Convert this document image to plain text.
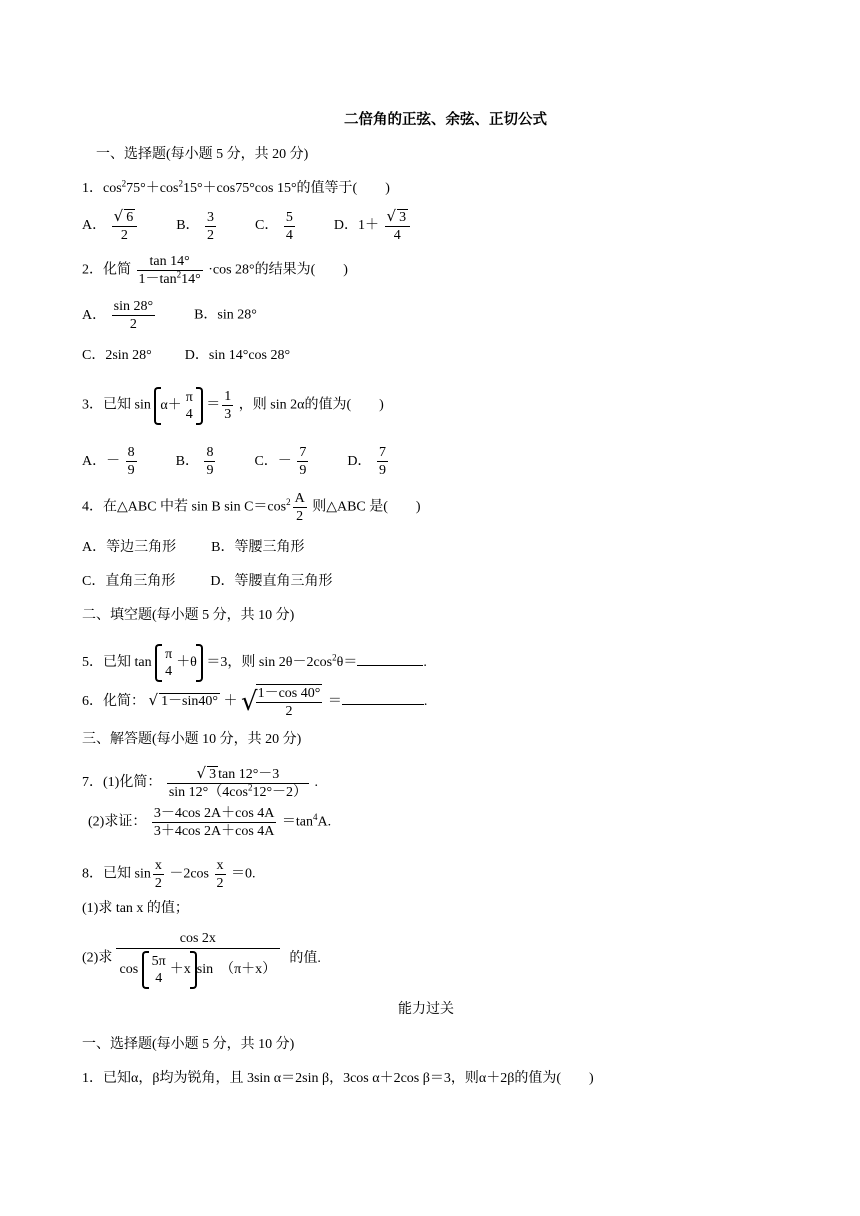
二倍角的正弦、余弦、正切公式
一、选择题(每小题 5 分，共 20 分)
1．$\cos^275^\circ+\cos^215^\circ+\cos 75^\circ\cos$ 15°的值等于(　　)
A． $\frac{√ 6}{2}$	B． $\frac{3}{2}$	C． $\frac{5}{4}$	D．$1+ \frac{√ 3}{4}$
2．化简 $\frac{\tan 14^\circ}{1-\tan^214^\circ} \cdot\cos$ 28°的结果为(　　)
A． $\frac{\sin 28^\circ}{2}$	B．sin 28°
C．2sin 28° D．sin 14°cos 28°
3．已知 sin α＋
π
4
＝ $\frac{1}{3}$ ，则 sin 2α的值为(　　)
A．－ $\frac{8}{9}$	B． $\frac{8}{9}$	C．－ $\frac{7}{9}$	D． $\frac{7}{9}$
4．在△ABC 中若 sin B $\sin C=\cos^2 \frac{A}{2}$ 则△ABC 是(　　)
A．等边三角形	B．等腰三角形
C．直角三角形	D．等腰直角三角形
二、填空题(每小题 5 分，共 10 分)
5．已知 tan
π
4
＋θ ＝3，则 $\sin 2\theta-2\cos^2\theta=$	.
6．化简： √ 1－sin40° ＋ √
$\frac{1-\cos 40^\circ}{2}$ ＝	.
三、解答题(每小题 10 分，共 20 分)
7．(1)化简： $\frac{√ 3 \tan 12^\circ-3}{\sin 12^\circ(4\cos^212^\circ-2)}$ .
(2)求证： $\frac{3-4\cos 2A+\cos 4A}{3+4\cos 2A+\cos 4A} =\tan^4A$.
8．已知 $\sin \frac{x}{2} -2\cos \frac{x}{2} =0$.
(1)求 tan x 的值；
(2)求 cos 2x
cos
5π
4
＋x sin　（π＋x） 的值.
能力过关
一、选择题(每小题 5 分，共 10 分)
1．已知α，β均为锐角，且 3sin α＝2sin β，3cos α＋2cos β＝3，则α＋2β的值为(　　)
